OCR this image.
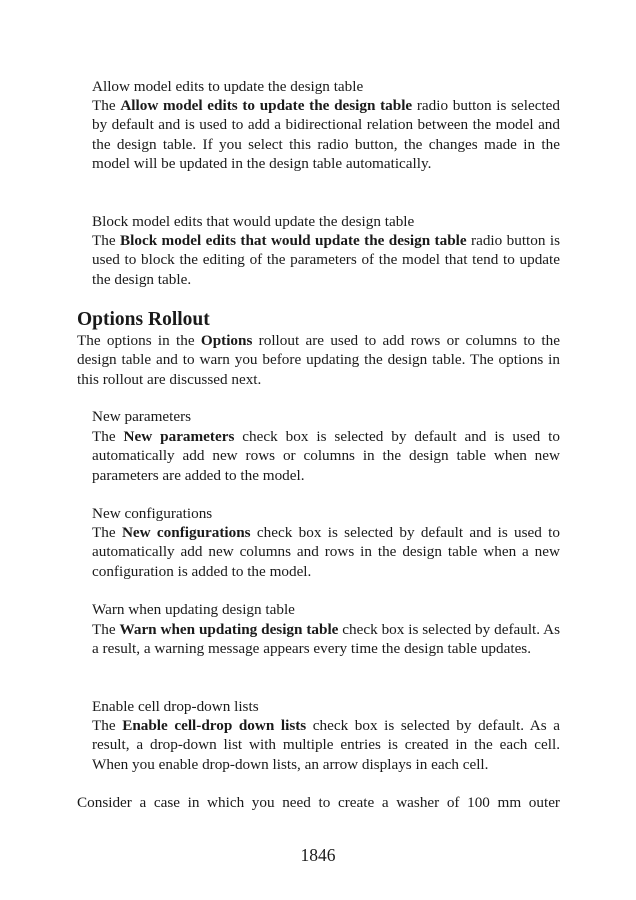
Allow model edits to update the design table

The Allow model edits to update the design table radio button is selected by default and is used to add a bidirectional relation between the model and the design table. If you select this radio button, the changes made in the model will be updated in the design table automatically.

Block model edits that would update the design table

The Block model edits that would update the design table radio button is used to block the editing of the parameters of the model that tend to update the design table.

Options Rollout

The options in the Options rollout are used to add rows or columns to the design table and to warn you before updating the design table. The options in this rollout are discussed next.

New parameters

The New parameters check box is selected by default and is used to automatically add new rows or columns in the design table when new parameters are added to the model.

New configurations

The New configurations check box is selected by default and is used to automatically add new columns and rows in the design table when a new configuration is added to the model.

Warn when updating design table

The Warn when updating design table check box is selected by default. As a result, a warning message appears every time the design table updates.

Enable cell drop-down lists

The Enable cell-drop down lists check box is selected by default. As a result, a drop-down list with multiple entries is created in the each cell. When you enable drop-down lists, an arrow displays in each cell.

Consider a case in which you need to create a washer of 100 mm outer

1846
